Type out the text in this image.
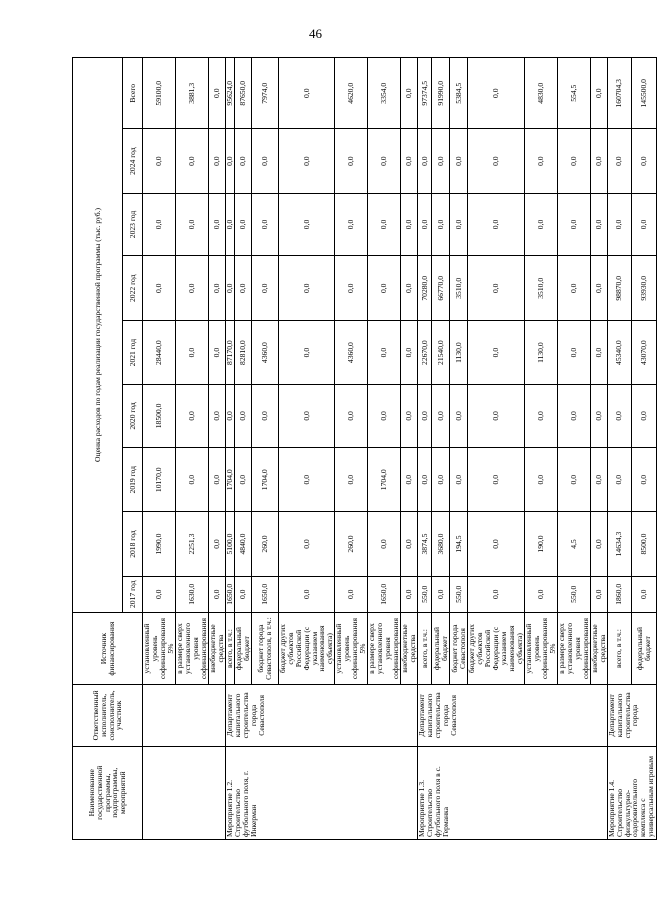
46
Наименование государственной программы, подпрограммы, мероприятий	Ответственный исполнитель, соисполнитель, участник	Источник финансирования	Оценка расходов по годам реализации государственной программы (тыс. руб.)								
			2017 год	2018 год	2019 год	2020 год	2021 год	2022 год	2023 год	2024 год	Всего
		установленный уровень софинансирования 5%	0,0	1990,0	10170,0	18500,0	28440,0	0,0	0,0	0,0	59100,0
		в размере сверх установленного уровня софинансирования	1630,0	2251,3	0,0	0,0	0,0	0,0	0,0	0,0	3881,3
		внебюджетные средства	0,0	0,0	0,0	0,0	0,0	0,0	0,0	0,0	0,0
Мероприятие 1.2. Строительство футбольного поля, г. Инкерман	Департамент капитального строительства города Севастополя	всего, в т.ч.:	1650,0	5100,0	1704,0	0,0	87170,0	0,0	0,0	0,0	95624,0
		федеральный бюджет	0,0	4840,0	0,0	0,0	82810,0	0,0	0,0	0,0	87650,0
		бюджет города Севастополя, в т.ч.:	1650,0	260,0	1704,0	0,0	4360,0	0,0	0,0	0,0	7974,0
		бюджет других субъектов Российской Федерации (с указанием наименования субъекта)	0,0	0,0	0,0	0,0	0,0	0,0	0,0	0,0	0,0
		установленный уровень софинансирования 5%	0,0	260,0	0,0	0,0	4360,0	0,0	0,0	0,0	4620,0
		в размере сверх установленного уровня софинансирования	1650,0	0,0	1704,0	0,0	0,0	0,0	0,0	0,0	3354,0
		внебюджетные средства	0,0	0,0	0,0	0,0	0,0	0,0	0,0	0,0	0,0
Мероприятие 1.3. Строительство футбольного поля в с. Германка	Департамент капитального строительства города Севастополя	всего, в т.ч.:	550,0	3874,5	0,0	0,0	22670,0	70280,0	0,0	0,0	97374,5
		федеральный бюджет	0,0	3680,0	0,0	0,0	21540,0	66770,0	0,0	0,0	91990,0
		бюджет города Севастополя	550,0	194,5	0,0	0,0	1130,0	3510,0	0,0	0,0	5384,5
		бюджет других субъектов Российской Федерации (с указанием наименования субъекта)	0,0	0,0	0,0	0,0	0,0	0,0	0,0	0,0	0,0
		установленный уровень софинансирования 5%	0,0	190,0	0,0	0,0	1130,0	3510,0	0,0	0,0	4830,0
		в размере сверх установленного уровня софинансирования	550,0	4,5	0,0	0,0	0,0	0,0	0,0	0,0	554,5
		внебюджетные средства	0,0	0,0	0,0	0,0	0,0	0,0	0,0	0,0	0,0
Мероприятие 1.4. Строительство физкультурно-оздоровительного комплекса с универсальным игровым	Департамент капитального строительства города	всего, в т.ч.:	1860,0	14634,3	0,0	0,0	45340,0	98870,0	0,0	0,0	160704,3
		федеральный бюджет	0,0	8500,0	0,0	0,0	43070,0	93930,0	0,0	0,0	145500,0
